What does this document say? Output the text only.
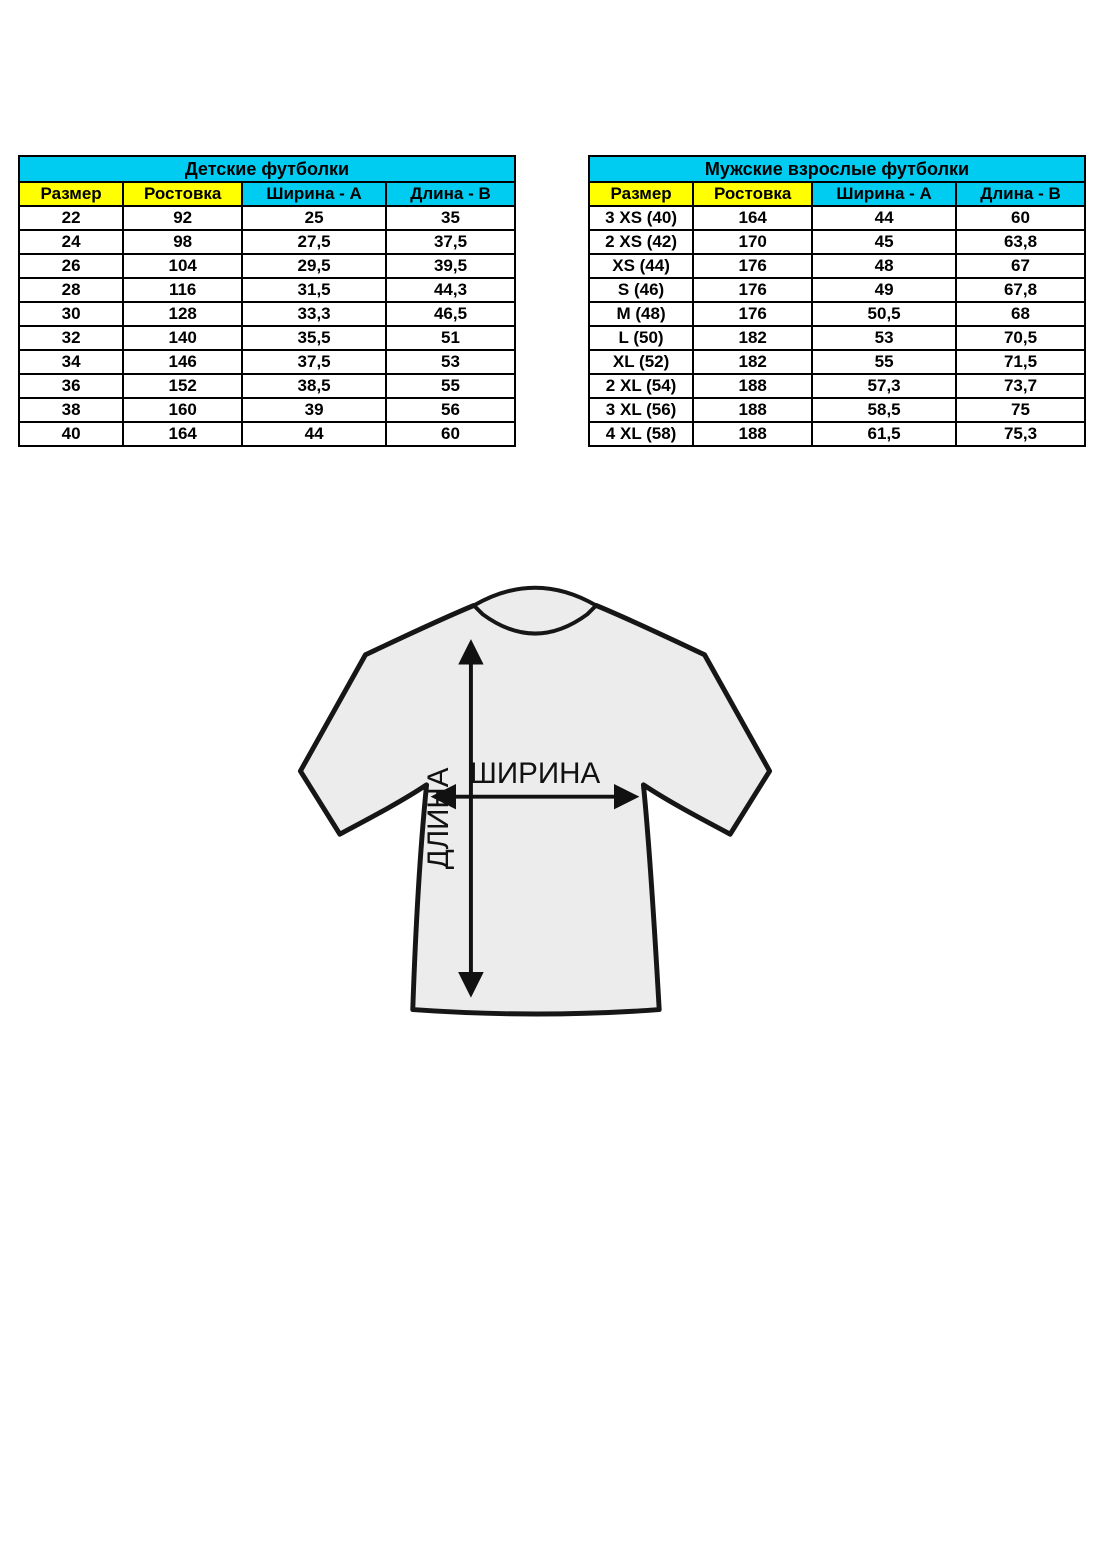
Детские футболки			
Размер	Ростовка	Ширина - А	Длина - В
22	92	25	35
24	98	27,5	37,5
26	104	29,5	39,5
28	116	31,5	44,3
30	128	33,3	46,5
32	140	35,5	51
34	146	37,5	53
36	152	38,5	55
38	160	39	56
40	164	44	60
Мужские взрослые футболки			
Размер	Ростовка	Ширина - А	Длина - В
3 XS (40)	164	44	60
2 XS (42)	170	45	63,8
XS (44)	176	48	67
S (46)	176	49	67,8
M (48)	176	50,5	68
L (50)	182	53	70,5
XL (52)	182	55	71,5
2 XL (54)	188	57,3	73,7
3 XL (56)	188	58,5	75
4 XL (58)	188	61,5	75,3
ШИРИНА
ДЛИНА
